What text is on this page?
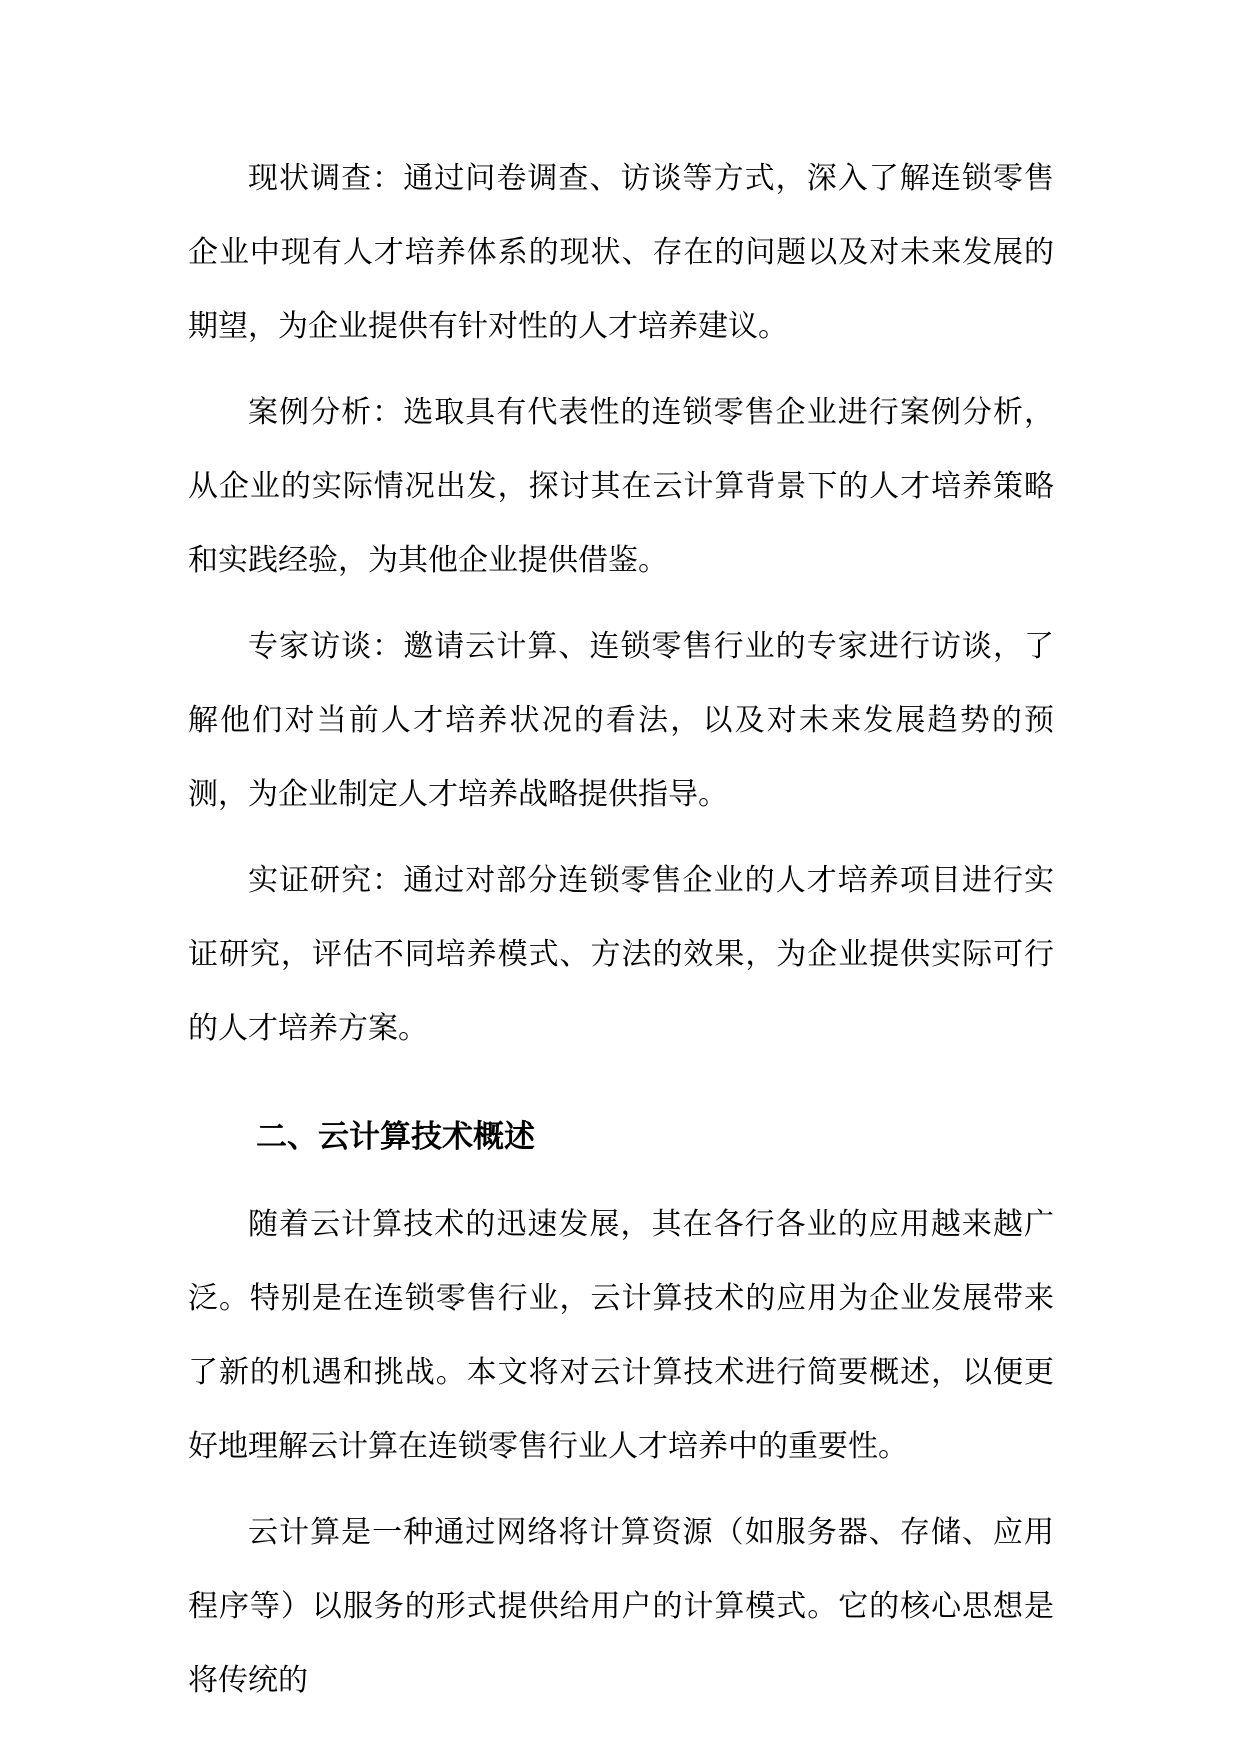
现状调查：通过问卷调查、访谈等方式，深入了解连锁零售企业中现有人才培养体系的现状、存在的问题以及对未来发展的期望，为企业提供有针对性的人才培养建议。

案例分析：选取具有代表性的连锁零售企业进行案例分析，从企业的实际情况出发，探讨其在云计算背景下的人才培养策略和实践经验，为其他企业提供借鉴。

专家访谈：邀请云计算、连锁零售行业的专家进行访谈，了解他们对当前人才培养状况的看法，以及对未来发展趋势的预测，为企业制定人才培养战略提供指导。

实证研究：通过对部分连锁零售企业的人才培养项目进行实证研究，评估不同培养模式、方法的效果，为企业提供实际可行的人才培养方案。

二、云计算技术概述

随着云计算技术的迅速发展，其在各行各业的应用越来越广泛。特别是在连锁零售行业，云计算技术的应用为企业发展带来了新的机遇和挑战。本文将对云计算技术进行简要概述，以便更好地理解云计算在连锁零售行业人才培养中的重要性。

云计算是一种通过网络将计算资源（如服务器、存储、应用程序等）以服务的形式提供给用户的计算模式。它的核心思想是将传统的
